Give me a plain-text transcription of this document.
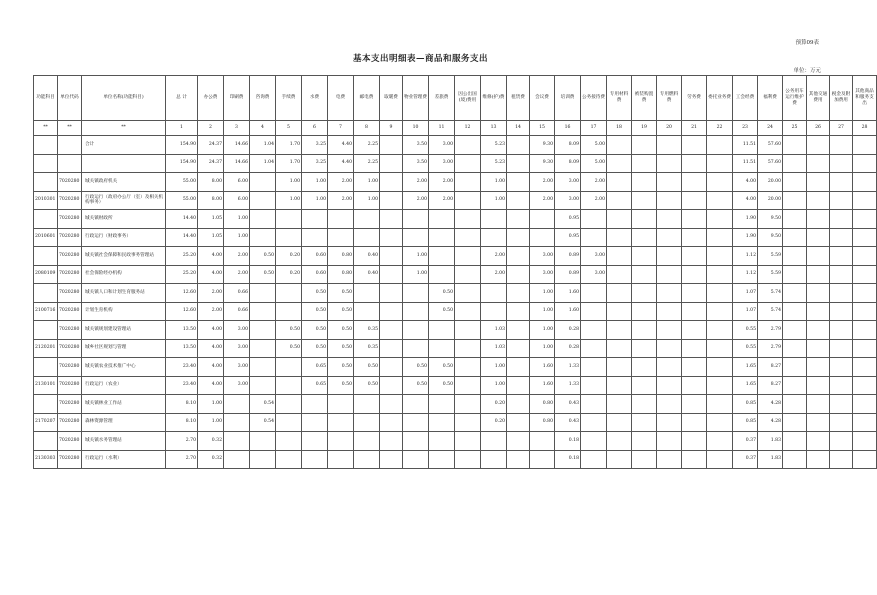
预算09表
基本支出明细表—商品和服务支出
单位：万元
功能科目	单位代码	单位名称(功能科目)	总 计	办公费	印刷费	咨询费	手续费	水费	电费	邮电费	取暖费	物业管理费	差旅费	因公出国(境)费用	维修(护)费	租赁费	会议费	培训费	公务接待费	专用材料费	被装购置费	专用燃料费	劳务费	委托业务费	工会经费	福利费	公务用车运行维护费	其他交通费用	税金及附加费用	其他商品和服务支出
**	**	**	1	2	3	4	5	6	7	8	9	10	11	12	13	14	15	16	17	18	19	20	21	22	23	24	25	26	27	28
		合计	154.90	24.37	14.66	1.04	1.70	3.25	4.40	2.25		3.50	3.00		5.23		9.30	8.09	5.00						11.51	57.60				
			154.90	24.37	14.66	1.04	1.70	3.25	4.40	2.25		3.50	3.00		5.23		9.30	8.09	5.00						11.51	57.60				
	7020280	城关镇政府机关	55.00	8.00	6.00		1.00	1.00	2.00	1.00		2.00	2.00		1.00		2.00	3.00	2.00						4.00	20.00				
2010301	7020280	行政运行（政府办公厅（室）及相关机构事务）	55.00	8.00	6.00		1.00	1.00	2.00	1.00		2.00	2.00		1.00		2.00	3.00	2.00						4.00	20.00				
	7020280	城关镇财政所	14.40	1.05	1.00													0.95							1.90	9.50				
2010601	7020280	行政运行（财政事务）	14.40	1.05	1.00													0.95							1.90	9.50				
	7020280	城关镇社会保障和民政事务管理站	25.20	4.00	2.00	0.50	0.20	0.60	0.80	0.40		1.00			2.00		3.00	0.89	3.00						1.12	5.59				
2080109	7020280	社会保险经办机构	25.20	4.00	2.00	0.50	0.20	0.60	0.80	0.40		1.00			2.00		3.00	0.89	3.00						1.12	5.59				
	7020280	城关镇人口和计划生育服务站	12.60	2.00	0.66			0.50	0.50				0.50				1.00	1.60							1.07	5.74				
2100716	7020280	计划生育机构	12.60	2.00	0.66			0.50	0.50				0.50				1.00	1.60							1.07	5.74				
	7020280	城关镇规划建设管理站	13.50	4.00	3.00		0.50	0.50	0.50	0.35					1.03		1.00	0.28							0.55	2.79				
2120201	7020280	城乡社区规划与管理	13.50	4.00	3.00		0.50	0.50	0.50	0.35					1.03		1.00	0.28							0.55	2.79				
	7020280	城关镇农业技术推广中心	23.40	4.00	3.00			0.65	0.50	0.50		0.50	0.50		1.00		1.60	1.33							1.65	8.27				
2130101	7020280	行政运行（农业）	23.40	4.00	3.00			0.65	0.50	0.50		0.50	0.50		1.00		1.60	1.33							1.65	8.27				
	7020280	城关镇林业工作站	8.10	1.00		0.54									0.20		0.80	0.43							0.85	4.28				
2170207	7020280	森林资源管理	8.10	1.00		0.54									0.20		0.80	0.43							0.85	4.28				
	7020280	城关镇水务管理站	2.70	0.32														0.18							0.37	1.83				
2130303	7020280	行政运行（水利）	2.70	0.32														0.18							0.37	1.83				
